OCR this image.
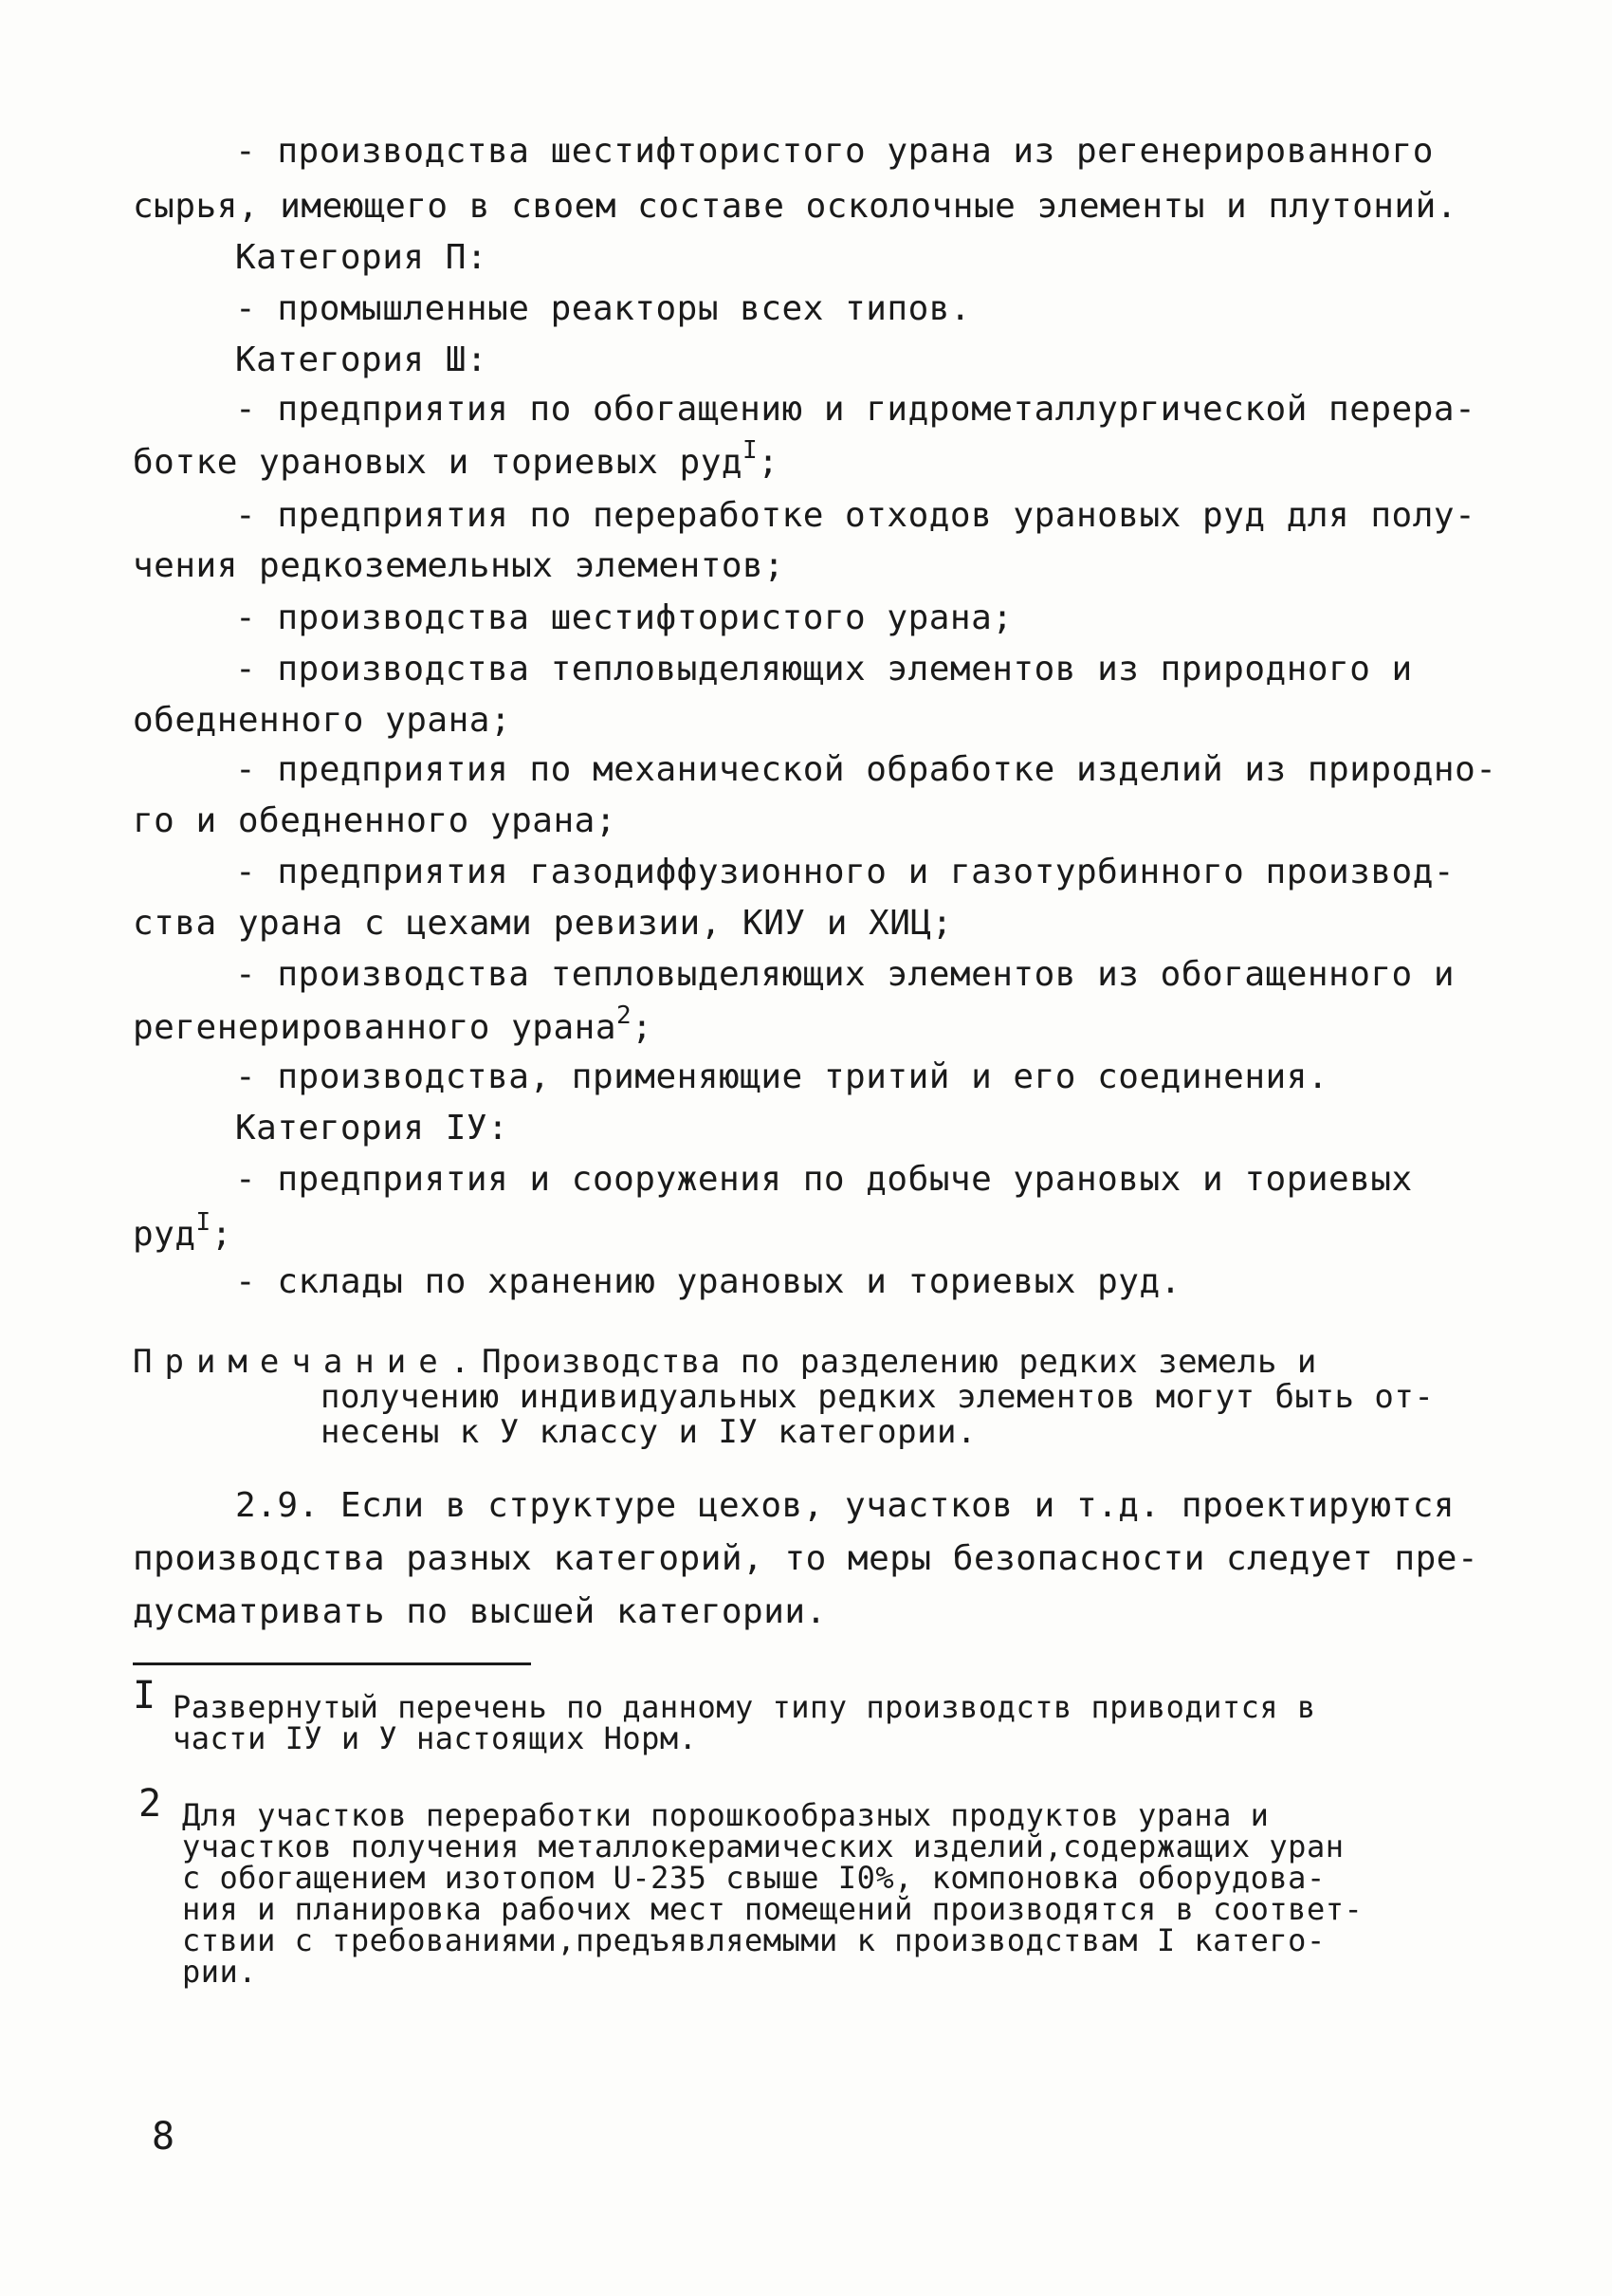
- производства шестифтористого урана из регенерированного
сырья, имеющего в своем составе осколочные элементы и плутоний.
Категория П:
- промышленные реакторы всех типов.
Категория Ш:
- предприятия по обогащению и гидрометаллургической перера-
ботке урановых и ториевых руд$^I$;
- предприятия по переработке отходов урановых руд для полу-
чения редкоземельных элементов;
- производства шестифтористого урана;
- производства тепловыделяющих элементов из природного и
обедненного урана;
- предприятия по механической обработке изделий из природно-
го и обедненного урана;
- предприятия газодиффузионного и газотурбинного производ-
ства урана с цехами ревизии, КИУ и ХИЦ;
- производства тепловыделяющих элементов из обогащенного и
регенерированного урана$^2$;
- производства, применяющие тритий и его соединения.
Категория IУ:
- предприятия и сооружения по добыче урановых и ториевых
руд$^I$;
- склады по хранению урановых и ториевых руд.
Примечание.Производства по разделению редких земель и
получению индивидуальных редких элементов могут быть от-
несены к У классу и IУ категории.
2.9. Если в структуре цехов, участков и т.д. проектируются
производства разных категорий, то меры безопасности следует пре-
дусматривать по высшей категории.
I Развернутый перечень по данному типу производств приводится в
части IУ и У настоящих Норм.
2 Для участков переработки порошкообразных продуктов урана и
участков получения металлокерамических изделий,содержащих уран
с обогащением изотопом U-235 свыше I0%, компоновка оборудова-
ния и планировка рабочих мест помещений производятся в соответ-
ствии с требованиями,предъявляемыми к производствам I катего-
рии.
8
